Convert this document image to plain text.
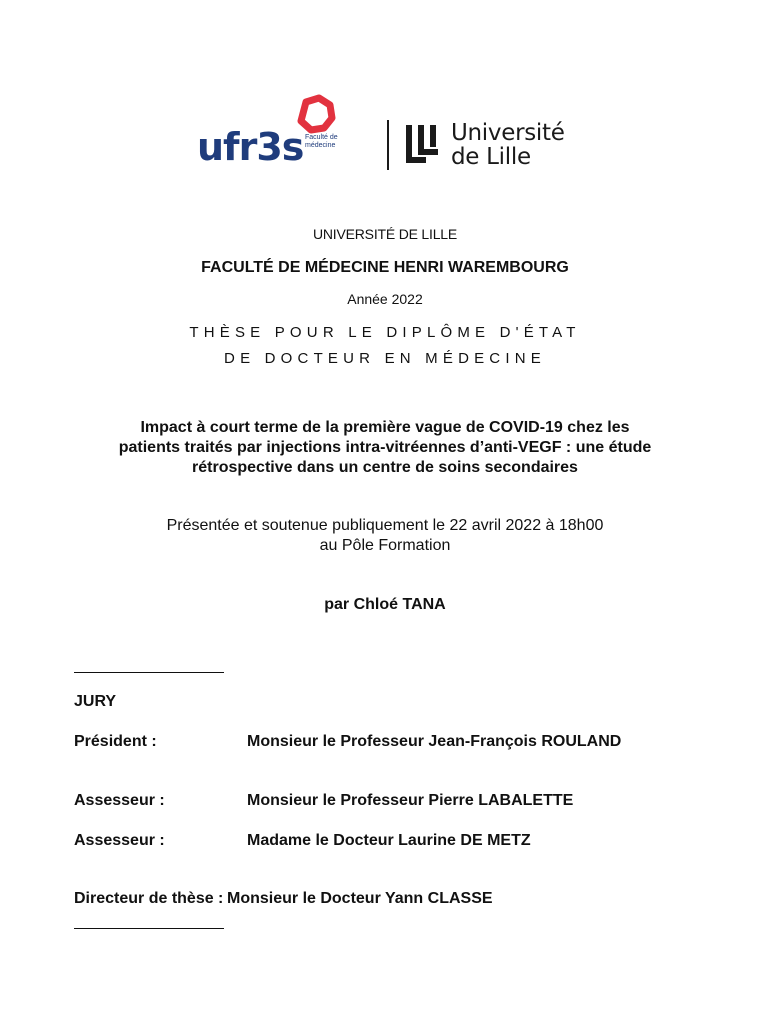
ufr3s Faculté de médecine	Université
de Lille
UNIVERSITÉ DE LILLE
FACULTÉ DE MÉDECINE HENRI WAREMBOURG
Année 2022
THÈSE POUR LE DIPLÔME D'ÉTAT
DE DOCTEUR EN MÉDECINE
Impact à court terme de la première vague de COVID-19 chez les
patients traités par injections intra-vitréennes d’anti-VEGF : une étude
rétrospective dans un centre de soins secondaires
Présentée et soutenue publiquement le 22 avril 2022 à 18h00
au Pôle Formation
par Chloé TANA
JURY
Président :	Monsieur le Professeur Jean-François ROULAND
Assesseur :	Monsieur le Professeur Pierre LABALETTE
Assesseur :	Madame le Docteur Laurine DE METZ
Directeur de thèse : Monsieur le Docteur Yann CLASSE
